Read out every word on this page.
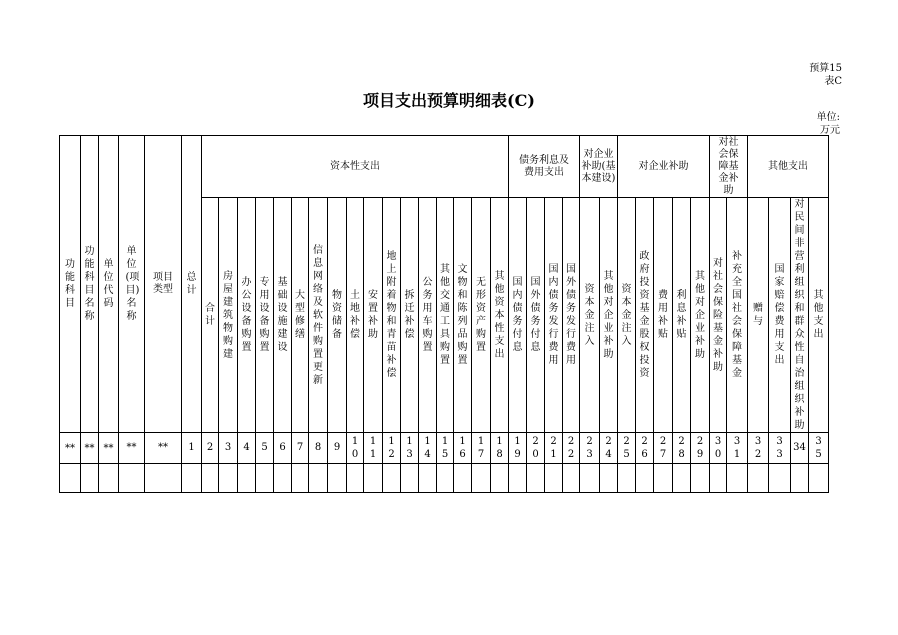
预算15
表C
项目支出预算明细表(C)
单位:
万元
功能科目	功能科目名称	单位代码	单位(项目)名称	项目类型	总计	资本性支出																	债务利息及费用支出				对企业补助(基本建设)		对企业补助					对社会保障基金补助		其他支出			
						合计	房屋建筑物购建	办公设备购置	专用设备购置	基础设施建设	大型修缮	信息网络及软件购置更新	物资储备	土地补偿	安置补助	地上附着物和青苗补偿	拆迁补偿	公务用车购置	其他交通工具购置	文物和陈列品购置	无形资产购置	其他资本性支出	国内债务付息	国外债务付息	国内债务发行费用	国外债务发行费用	资本金注入	其他对企业补助	资本金注入	政府投资基金股权投资	费用补贴	利息补贴	其他对企业补助	对社会保险基金补助	补充全国社会保障基金	赠与	国家赔偿费用支出	对民间非营利组织和群众性自治组织补助	其他支出
**	**	**	**	**	1	2	3	4	5	6	7	8	9	10	11	12	13	14	15	16	17	18	19	20	21	22	23	24	25	26	27	28	29	30	31	32	33	34	35
